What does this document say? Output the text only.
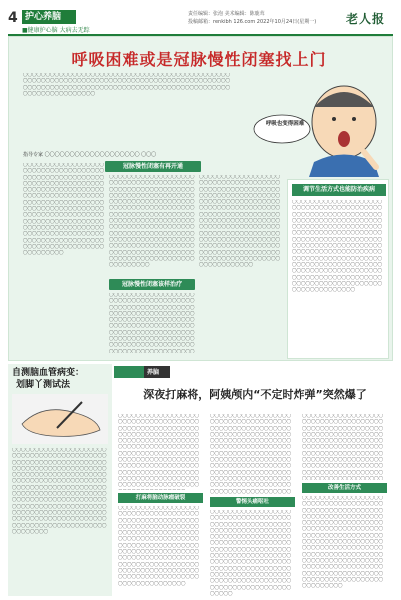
4 护心养脑
■健康护心脑 大病去无踪
责任编辑：张泡 美术编辑：陈鹿茸
投稿邮箱：renkibh 126.com 2022年10月24日(星期一) 老人报
呼吸困难或是冠脉慢性闭塞找上门
〇〇〇〇〇〇〇〇〇〇〇〇〇〇〇〇〇〇〇〇〇〇〇〇〇〇〇〇〇〇〇〇〇〇〇〇〇〇〇〇〇〇〇〇〇〇〇〇〇〇〇〇〇〇〇〇〇〇〇〇〇〇〇〇〇〇〇〇〇〇〇〇〇〇〇〇〇〇〇〇〇〇〇〇〇〇〇〇〇〇〇〇〇〇〇〇〇〇〇〇〇〇〇〇〇〇〇〇〇〇〇〇〇〇〇〇〇〇〇〇〇〇〇〇〇〇〇〇〇〇〇〇〇〇〇〇〇〇〇〇〇〇〇〇〇〇〇〇〇〇〇〇〇〇
指导专家 〇〇〇〇〇〇〇〇〇〇〇〇〇〇〇〇〇〇〇 〇〇〇
呼吸也变得困难
冠脉慢性闭塞有再开通
〇〇〇〇〇〇〇〇〇〇〇〇〇〇〇〇〇〇〇〇〇〇〇〇〇〇〇〇〇〇〇〇〇〇〇〇〇〇〇〇〇〇〇〇〇〇〇〇〇〇〇〇〇〇〇〇〇〇〇〇〇〇〇〇〇〇〇〇〇〇〇〇〇〇〇〇〇〇〇〇〇〇〇〇〇〇〇〇〇〇〇〇〇〇〇〇〇〇〇〇〇〇〇〇〇〇〇〇〇〇〇〇〇〇〇〇〇〇〇〇〇〇〇〇〇〇〇〇〇〇〇〇〇〇〇〇〇〇〇〇〇〇〇〇〇〇〇〇〇〇〇〇〇〇〇〇〇〇〇〇〇〇〇〇〇〇〇〇〇〇〇〇〇〇〇〇〇〇〇〇〇〇〇〇〇〇〇〇〇〇〇〇〇〇〇〇〇〇〇〇〇〇〇〇〇〇〇〇〇〇〇〇〇〇〇〇〇〇〇〇〇〇〇〇〇〇〇〇〇〇〇〇〇〇〇〇〇〇〇〇〇〇〇〇〇〇〇〇〇〇〇〇〇〇〇〇〇〇〇〇〇
〇〇〇〇〇〇〇〇〇〇〇〇〇〇〇〇〇〇〇〇〇〇〇〇〇〇〇〇〇〇〇〇〇〇〇〇〇〇〇〇〇〇〇〇〇〇〇〇〇〇〇〇〇〇〇〇〇〇〇〇〇〇〇〇〇〇〇〇〇〇〇〇〇〇〇〇〇〇〇〇〇〇〇〇〇〇〇〇〇〇〇〇〇〇〇〇〇〇〇〇〇〇〇〇〇〇〇〇〇〇〇〇〇〇〇〇〇〇〇〇〇〇〇〇〇〇〇〇〇〇〇〇〇〇〇〇〇〇〇〇〇〇〇〇〇〇〇〇〇〇〇〇〇〇〇〇〇〇〇〇〇〇〇〇〇〇〇〇〇〇〇〇〇〇〇〇〇〇〇〇〇〇〇〇〇〇〇〇〇〇〇〇〇〇〇〇〇〇〇〇〇〇〇〇〇〇〇〇〇〇〇〇〇〇〇〇〇〇〇〇〇〇〇〇〇〇〇〇〇〇〇〇〇〇〇〇〇〇〇〇〇〇〇〇〇〇〇〇〇〇〇〇〇〇〇〇〇〇〇〇〇〇〇〇〇〇〇〇〇〇〇〇〇〇〇
冠脉慢性闭塞该样治疗
〇〇〇〇〇〇〇〇〇〇〇〇〇〇〇〇〇〇〇〇〇〇〇〇〇〇〇〇〇〇〇〇〇〇〇〇〇〇〇〇〇〇〇〇〇〇〇〇〇〇〇〇〇〇〇〇〇〇〇〇〇〇〇〇〇〇〇〇〇〇〇〇〇〇〇〇〇〇〇〇〇〇〇〇〇〇〇〇〇〇〇〇〇〇〇〇〇〇〇〇〇〇〇〇〇〇〇〇〇〇〇〇〇〇〇〇〇〇〇〇〇〇〇〇〇〇〇〇〇〇〇〇〇〇〇〇〇〇〇〇〇〇〇〇〇〇〇〇〇〇〇〇〇〇〇〇〇〇〇〇〇〇〇〇〇〇〇〇〇〇〇〇〇〇〇〇〇〇〇〇〇〇〇〇〇〇〇〇〇〇
〇〇〇〇〇〇〇〇〇〇〇〇〇〇〇〇〇〇〇〇〇〇〇〇〇〇〇〇〇〇〇〇〇〇〇〇〇〇〇〇〇〇〇〇〇〇〇〇〇〇〇〇〇〇〇〇〇〇〇〇〇〇〇〇〇〇〇〇〇〇〇〇〇〇〇〇〇〇〇〇〇〇〇〇〇〇〇〇〇〇〇〇〇〇〇〇〇〇〇〇〇〇〇〇〇〇〇〇〇〇〇〇〇〇〇〇〇〇〇〇〇〇〇〇〇〇〇〇〇〇〇〇〇〇〇〇〇〇〇〇〇〇〇〇〇〇〇〇〇〇〇〇〇〇〇〇〇〇〇〇〇〇〇〇〇〇〇〇〇〇〇〇〇〇〇〇〇〇〇〇〇〇〇〇〇〇〇〇〇〇〇〇〇〇〇〇〇〇〇〇〇〇〇〇〇〇〇〇〇〇〇〇〇〇〇〇〇〇〇〇〇〇〇〇〇〇〇〇〇〇〇〇〇〇〇〇〇〇〇〇〇〇〇〇〇〇〇〇〇〇〇〇〇〇〇〇〇〇〇〇〇〇〇〇
调节生活方式也能防治疾病
〇〇〇〇〇〇〇〇〇〇〇〇〇〇〇〇〇〇〇〇〇〇〇〇〇〇〇〇〇〇〇〇〇〇〇〇〇〇〇〇〇〇〇〇〇〇〇〇〇〇〇〇〇〇〇〇〇〇〇〇〇〇〇〇〇〇〇〇〇〇〇〇〇〇〇〇〇〇〇〇〇〇〇〇〇〇〇〇〇〇〇〇〇〇〇〇〇〇〇〇〇〇〇〇〇〇〇〇〇〇〇〇〇〇〇〇〇〇〇〇〇〇〇〇〇〇〇〇〇〇〇〇〇〇〇〇〇〇〇〇〇〇〇〇〇〇〇〇〇〇〇〇〇〇〇〇〇〇〇〇〇〇〇〇〇〇〇〇〇〇〇〇〇〇〇〇〇〇〇〇〇〇〇〇〇〇〇〇〇〇〇〇〇〇〇〇〇〇〇〇〇〇〇〇〇〇〇〇〇〇〇〇〇〇〇〇〇〇〇〇〇〇〇〇〇〇〇〇〇〇〇〇〇〇〇〇〇〇〇〇〇〇〇〇〇〇〇〇〇〇〇〇〇〇〇〇〇〇〇〇〇〇〇〇〇〇〇〇〇〇〇〇〇〇〇〇〇〇〇〇〇〇〇〇〇〇〇〇〇〇〇〇〇〇
自测脑血管病变：
划脚丫测试法
〇〇〇〇〇〇〇〇〇〇〇〇〇〇〇〇〇〇〇〇〇〇〇〇〇〇〇〇〇〇〇〇〇〇〇〇〇〇〇〇〇〇〇〇〇〇〇〇〇〇〇〇〇〇〇〇〇〇〇〇〇〇〇〇〇〇〇〇〇〇〇〇〇〇〇〇〇〇〇〇〇〇〇〇〇〇〇〇〇〇〇〇〇〇〇〇〇〇〇〇〇〇〇〇〇〇〇〇〇〇〇〇〇〇〇〇〇〇〇〇〇〇〇〇〇〇〇〇〇〇〇〇〇〇〇〇〇〇〇〇〇〇〇〇〇〇〇〇〇〇〇〇〇〇〇〇〇〇〇〇〇〇〇〇〇〇〇〇〇〇〇〇〇〇〇〇〇〇〇〇〇〇〇〇〇〇〇〇〇〇〇〇〇〇〇〇〇〇〇〇〇〇〇〇〇〇〇〇〇〇〇〇〇〇〇〇〇〇〇〇〇〇〇〇〇〇〇〇〇〇〇〇〇〇〇〇〇〇〇〇〇〇〇〇〇〇〇〇〇〇〇〇〇〇〇〇〇〇〇〇〇〇〇〇〇〇〇〇〇〇〇〇〇〇〇〇〇〇〇〇〇
养脑
深夜打麻将，阿姨颅内“不定时炸弹”突然爆了
〇〇〇〇〇〇〇〇〇〇〇〇〇〇〇〇〇〇〇〇〇〇〇〇〇〇〇〇〇〇〇〇〇〇〇〇〇〇〇〇〇〇〇〇〇〇〇〇〇〇〇〇〇〇〇〇〇〇〇〇〇〇〇〇〇〇〇〇〇〇〇〇〇〇〇〇〇〇〇〇〇〇〇〇〇〇〇〇〇〇〇〇〇〇〇〇〇〇〇〇〇〇〇〇〇〇〇〇〇〇〇〇〇〇〇〇〇〇〇〇〇〇〇〇〇〇〇〇〇〇〇〇〇〇〇〇〇〇〇〇〇〇〇〇〇〇〇〇〇〇〇〇〇〇〇〇〇〇〇〇〇〇〇〇〇〇〇〇〇〇〇〇〇〇〇〇〇〇〇〇〇〇〇〇〇〇〇〇〇〇〇〇〇〇〇〇〇〇〇〇〇〇〇〇〇〇〇〇〇〇〇〇〇〇〇〇
打麻将脑动脉瘤破裂
〇〇〇〇〇〇〇〇〇〇〇〇〇〇〇〇〇〇〇〇〇〇〇〇〇〇〇〇〇〇〇〇〇〇〇〇〇〇〇〇〇〇〇〇〇〇〇〇〇〇〇〇〇〇〇〇〇〇〇〇〇〇〇〇〇〇〇〇〇〇〇〇〇〇〇〇〇〇〇〇〇〇〇〇〇〇〇〇〇〇〇〇〇〇〇〇〇〇〇〇〇〇〇〇〇〇〇〇〇〇〇〇〇〇〇〇〇〇〇〇〇〇〇〇〇〇〇〇〇〇〇〇〇〇〇〇〇〇〇〇〇〇〇〇〇〇〇〇〇〇〇〇〇〇〇〇〇〇〇〇〇〇〇〇〇〇〇〇〇〇〇〇〇〇〇〇〇〇〇〇〇〇〇〇〇〇〇〇〇〇〇〇〇〇〇〇〇〇〇〇〇〇〇〇〇〇〇〇〇〇〇〇〇〇〇〇〇〇〇〇〇〇〇〇〇〇〇〇〇〇〇
〇〇〇〇〇〇〇〇〇〇〇〇〇〇〇〇〇〇〇〇〇〇〇〇〇〇〇〇〇〇〇〇〇〇〇〇〇〇〇〇〇〇〇〇〇〇〇〇〇〇〇〇〇〇〇〇〇〇〇〇〇〇〇〇〇〇〇〇〇〇〇〇〇〇〇〇〇〇〇〇〇〇〇〇〇〇〇〇〇〇〇〇〇〇〇〇〇〇〇〇〇〇〇〇〇〇〇〇〇〇〇〇〇〇〇〇〇〇〇〇〇〇〇〇〇〇〇〇〇〇〇〇〇〇〇〇〇〇〇〇〇〇〇〇〇〇〇〇〇〇〇〇〇〇〇〇〇〇〇〇〇〇〇〇〇〇〇〇〇〇〇〇〇〇〇〇〇〇〇〇〇〇〇〇〇〇〇〇〇〇〇〇〇〇〇〇〇〇〇〇〇〇〇〇〇〇〇〇〇〇〇〇〇〇〇〇〇〇〇〇〇〇〇〇〇〇〇〇〇〇〇〇〇〇
警惕头痛呕吐
〇〇〇〇〇〇〇〇〇〇〇〇〇〇〇〇〇〇〇〇〇〇〇〇〇〇〇〇〇〇〇〇〇〇〇〇〇〇〇〇〇〇〇〇〇〇〇〇〇〇〇〇〇〇〇〇〇〇〇〇〇〇〇〇〇〇〇〇〇〇〇〇〇〇〇〇〇〇〇〇〇〇〇〇〇〇〇〇〇〇〇〇〇〇〇〇〇〇〇〇〇〇〇〇〇〇〇〇〇〇〇〇〇〇〇〇〇〇〇〇〇〇〇〇〇〇〇〇〇〇〇〇〇〇〇〇〇〇〇〇〇〇〇〇〇〇〇〇〇〇〇〇〇〇〇〇〇〇〇〇〇〇〇〇〇〇〇〇〇〇〇〇〇〇〇〇〇〇〇〇〇〇〇〇〇〇〇〇〇〇〇〇〇〇〇〇〇〇〇〇〇〇〇〇〇〇〇〇〇〇〇〇〇〇〇〇〇〇〇〇〇〇〇〇〇〇〇〇〇〇〇〇〇〇〇〇〇〇〇
〇〇〇〇〇〇〇〇〇〇〇〇〇〇〇〇〇〇〇〇〇〇〇〇〇〇〇〇〇〇〇〇〇〇〇〇〇〇〇〇〇〇〇〇〇〇〇〇〇〇〇〇〇〇〇〇〇〇〇〇〇〇〇〇〇〇〇〇〇〇〇〇〇〇〇〇〇〇〇〇〇〇〇〇〇〇〇〇〇〇〇〇〇〇〇〇〇〇〇〇〇〇〇〇〇〇〇〇〇〇〇〇〇〇〇〇〇〇〇〇〇〇〇〇〇〇〇〇〇〇〇〇〇〇〇〇〇〇〇〇〇〇〇〇〇〇〇〇〇〇〇〇〇〇〇〇〇〇〇〇〇〇〇〇〇〇〇〇〇〇〇〇〇〇〇〇〇〇〇〇〇〇〇〇〇〇〇〇〇〇〇〇〇〇〇〇〇〇
改善生活方式
〇〇〇〇〇〇〇〇〇〇〇〇〇〇〇〇〇〇〇〇〇〇〇〇〇〇〇〇〇〇〇〇〇〇〇〇〇〇〇〇〇〇〇〇〇〇〇〇〇〇〇〇〇〇〇〇〇〇〇〇〇〇〇〇〇〇〇〇〇〇〇〇〇〇〇〇〇〇〇〇〇〇〇〇〇〇〇〇〇〇〇〇〇〇〇〇〇〇〇〇〇〇〇〇〇〇〇〇〇〇〇〇〇〇〇〇〇〇〇〇〇〇〇〇〇〇〇〇〇〇〇〇〇〇〇〇〇〇〇〇〇〇〇〇〇〇〇〇〇〇〇〇〇〇〇〇〇〇〇〇〇〇〇〇〇〇〇〇〇〇〇〇〇〇〇〇〇〇〇〇〇〇〇〇〇〇〇〇〇〇〇〇〇〇〇〇〇〇〇〇〇〇〇〇〇〇〇〇〇〇〇〇〇〇〇〇〇〇〇〇〇〇〇〇〇〇〇〇〇〇〇〇〇〇〇〇〇〇〇〇〇〇〇〇〇〇〇〇〇〇〇〇〇〇〇〇〇〇〇〇〇
